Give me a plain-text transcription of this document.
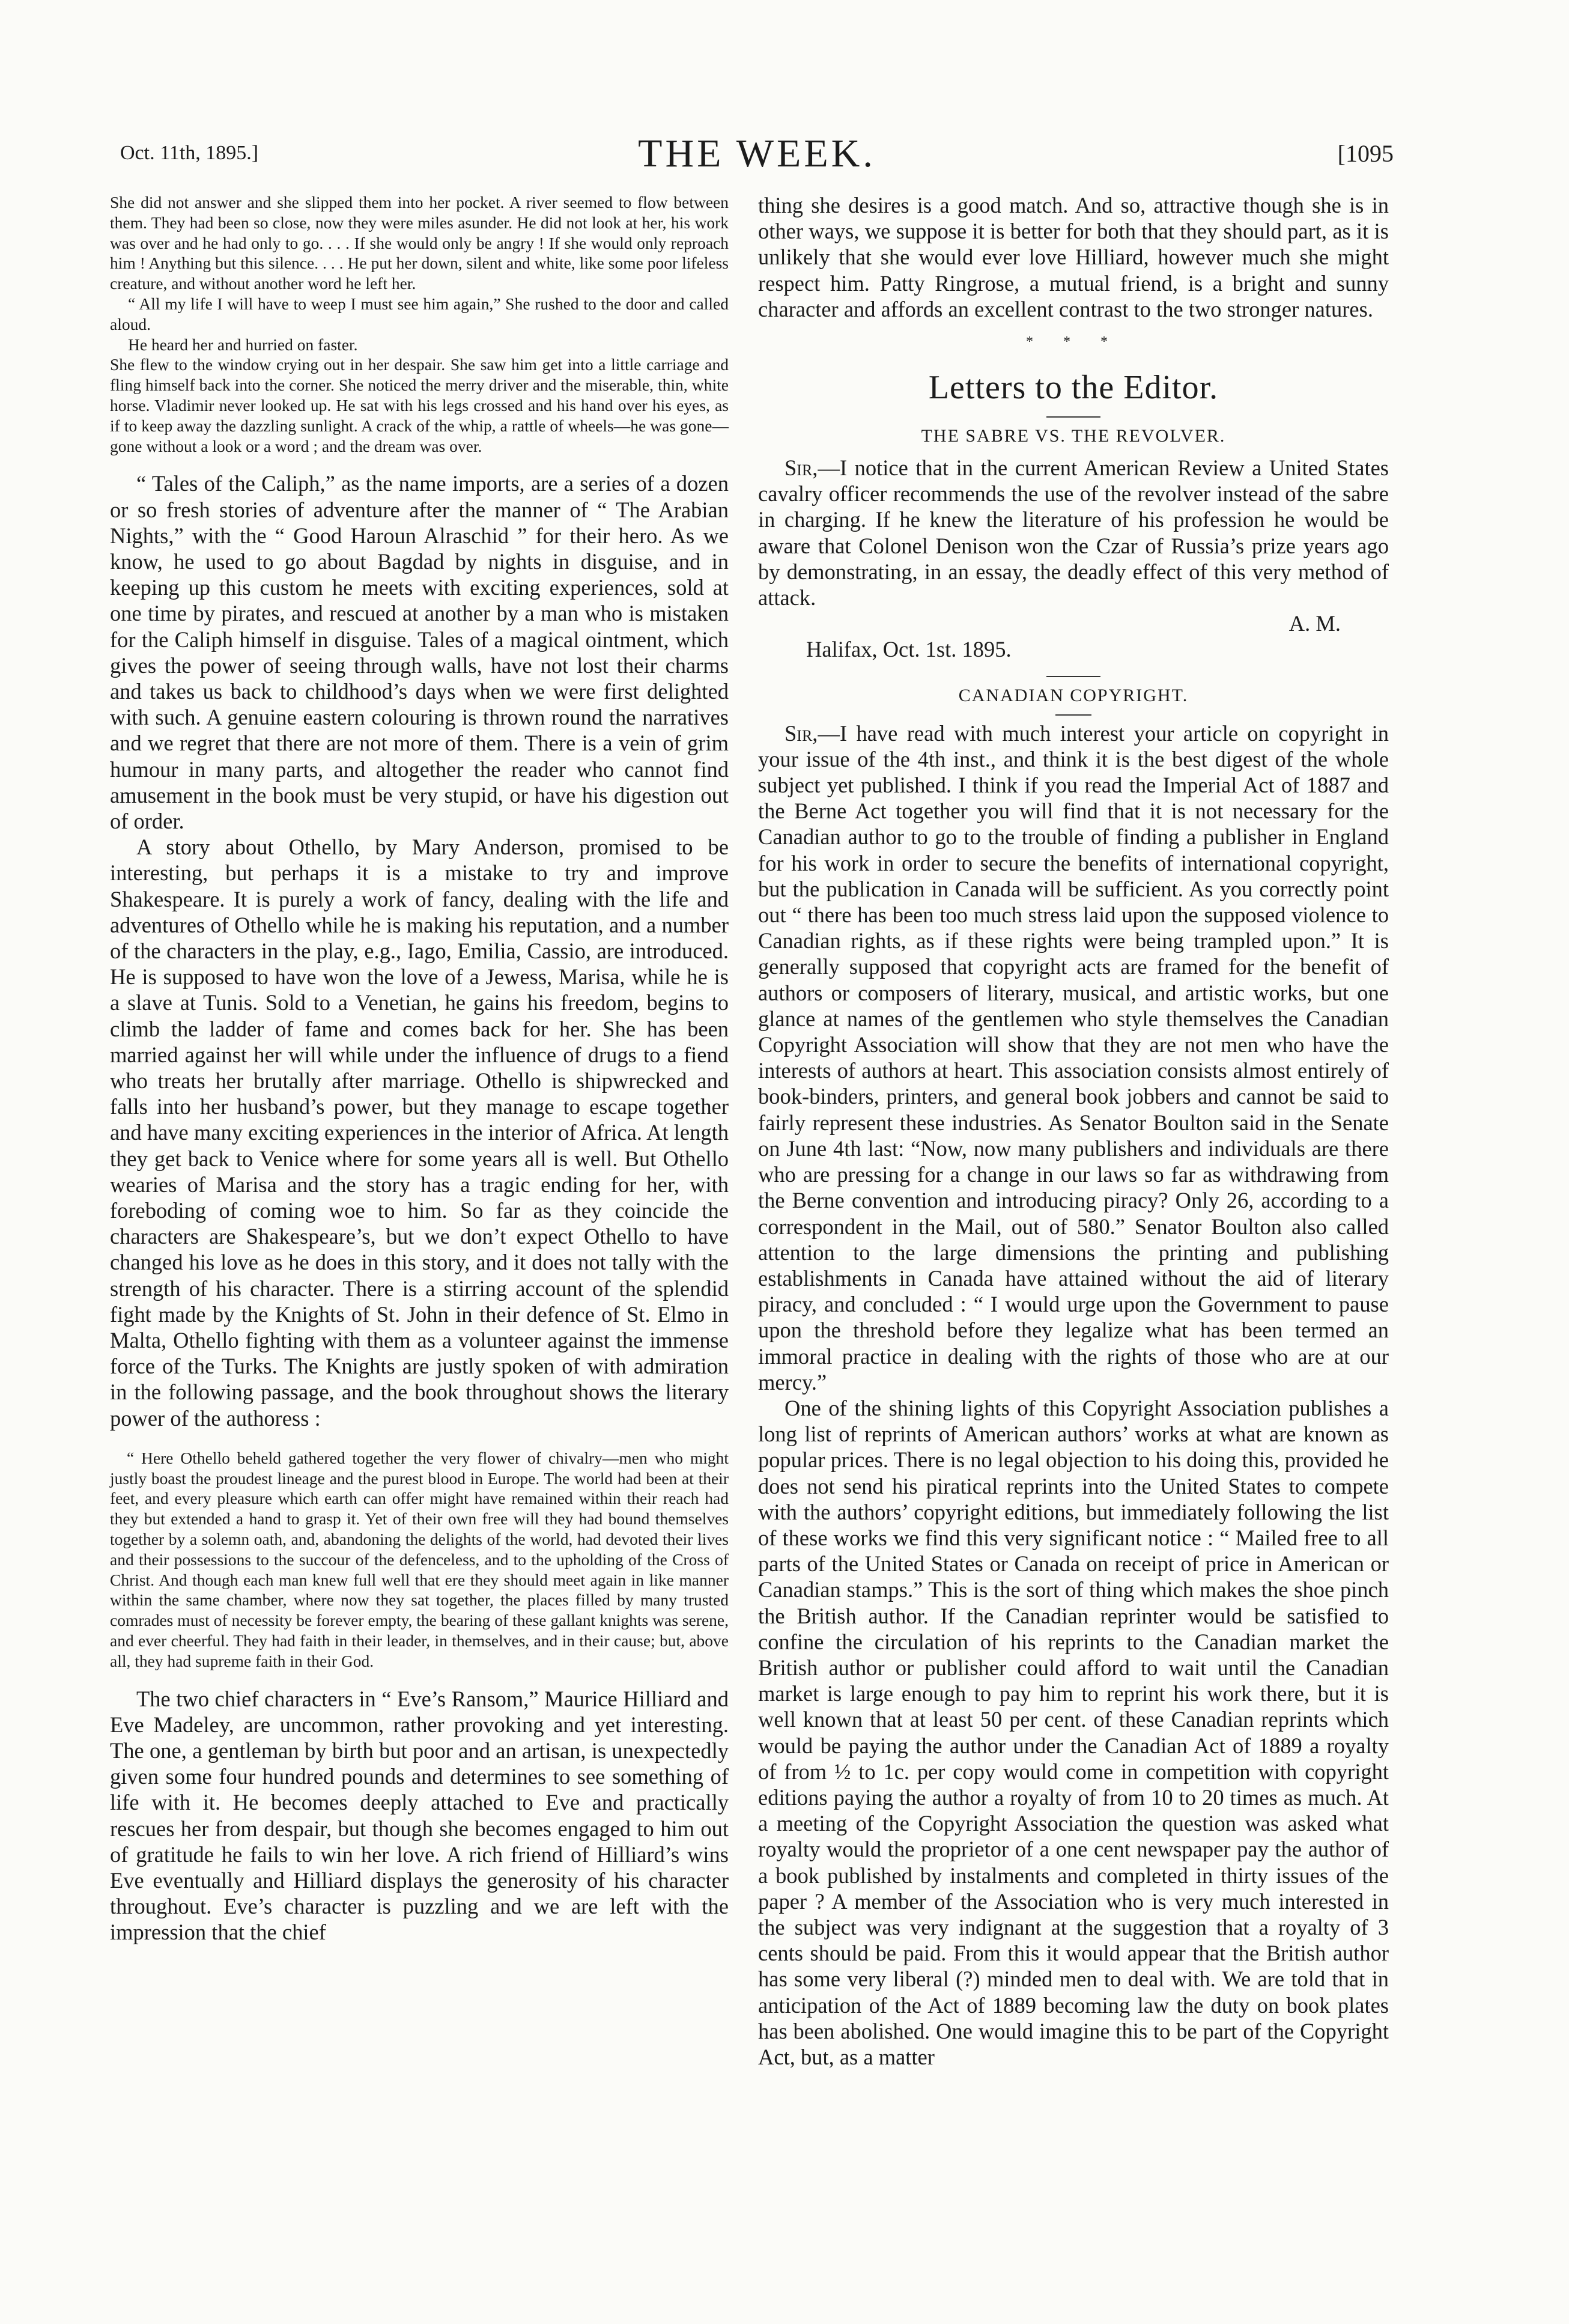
Oct. 11th, 1895.]	THE WEEK.	[1095

She did not answer and she slipped them into her pocket. A river seemed to flow between them. They had been so close, now they were miles asunder. He did not look at her, his work was over and he had only to go. . . . If she would only be angry ! If she would only reproach him ! Anything but this silence. . . . He put her down, silent and white, like some poor lifeless creature, and without another word he left her.

“ All my life I will have to weep I must see him again,” She rushed to the door and called aloud.

He heard her and hurried on faster.

She flew to the window crying out in her despair. She saw him get into a little carriage and fling himself back into the corner. She noticed the merry driver and the miserable, thin, white horse. Vladimir never looked up. He sat with his legs crossed and his hand over his eyes, as if to keep away the dazzling sunlight. A crack of the whip, a rattle of wheels—he was gone—gone without a look or a word ; and the dream was over.

“ Tales of the Caliph,” as the name imports, are a series of a dozen or so fresh stories of adventure after the manner of “ The Arabian Nights,” with the “ Good Haroun Alraschid ” for their hero. As we know, he used to go about Bagdad by nights in disguise, and in keeping up this custom he meets with exciting experiences, sold at one time by pirates, and rescued at another by a man who is mistaken for the Caliph himself in disguise. Tales of a magical ointment, which gives the power of seeing through walls, have not lost their charms and takes us back to childhood’s days when we were first delighted with such. A genuine eastern colouring is thrown round the narratives and we regret that there are not more of them. There is a vein of grim humour in many parts, and altogether the reader who cannot find amusement in the book must be very stupid, or have his digestion out of order.

A story about Othello, by Mary Anderson, promised to be interesting, but perhaps it is a mistake to try and improve Shakespeare. It is purely a work of fancy, dealing with the life and adventures of Othello while he is making his reputation, and a number of the characters in the play, e.g., Iago, Emilia, Cassio, are introduced. He is supposed to have won the love of a Jewess, Marisa, while he is a slave at Tunis. Sold to a Venetian, he gains his freedom, begins to climb the ladder of fame and comes back for her. She has been married against her will while under the influence of drugs to a fiend who treats her brutally after marriage. Othello is shipwrecked and falls into her husband’s power, but they manage to escape together and have many exciting experiences in the interior of Africa. At length they get back to Venice where for some years all is well. But Othello wearies of Marisa and the story has a tragic ending for her, with foreboding of coming woe to him. So far as they coincide the characters are Shakespeare’s, but we don’t expect Othello to have changed his love as he does in this story, and it does not tally with the strength of his character. There is a stirring account of the splendid fight made by the Knights of St. John in their defence of St. Elmo in Malta, Othello fighting with them as a volunteer against the immense force of the Turks. The Knights are justly spoken of with admiration in the following passage, and the book throughout shows the literary power of the authoress :

“ Here Othello beheld gathered together the very flower of chivalry—men who might justly boast the proudest lineage and the purest blood in Europe. The world had been at their feet, and every pleasure which earth can offer might have remained within their reach had they but extended a hand to grasp it. Yet of their own free will they had bound themselves together by a solemn oath, and, abandoning the delights of the world, had devoted their lives and their possessions to the succour of the defenceless, and to the upholding of the Cross of Christ. And though each man knew full well that ere they should meet again in like manner within the same chamber, where now they sat together, the places filled by many trusted comrades must of necessity be forever empty, the bearing of these gallant knights was serene, and ever cheerful. They had faith in their leader, in themselves, and in their cause; but, above all, they had supreme faith in their God.

The two chief characters in “ Eve’s Ransom,” Maurice Hilliard and Eve Madeley, are uncommon, rather provoking and yet interesting. The one, a gentleman by birth but poor and an artisan, is unexpectedly given some four hundred pounds and determines to see something of life with it. He becomes deeply attached to Eve and practically rescues her from despair, but though she becomes engaged to him out of gratitude he fails to win her love. A rich friend of Hilliard’s wins Eve eventually and Hilliard displays the generosity of his character throughout. Eve’s character is puzzling and we are left with the impression that the chief

thing she desires is a good match. And so, attractive though she is in other ways, we suppose it is better for both that they should part, as it is unlikely that she would ever love Hilliard, however much she might respect him. Patty Ringrose, a mutual friend, is a bright and sunny character and affords an excellent contrast to the two stronger natures.

* * *
Letters to the Editor.
THE SABRE VS. THE REVOLVER.

Sir,—I notice that in the current American Review a United States cavalry officer recommends the use of the revolver instead of the sabre in charging. If he knew the literature of his profession he would be aware that Colonel Denison won the Czar of Russia’s prize years ago by demonstrating, in an essay, the deadly effect of this very method of attack.

A. M.

Halifax, Oct. 1st. 1895.

CANADIAN COPYRIGHT.

Sir,—I have read with much interest your article on copyright in your issue of the 4th inst., and think it is the best digest of the whole subject yet published. I think if you read the Imperial Act of 1887 and the Berne Act together you will find that it is not necessary for the Canadian author to go to the trouble of finding a publisher in England for his work in order to secure the benefits of international copyright, but the publication in Canada will be sufficient. As you correctly point out “ there has been too much stress laid upon the supposed violence to Canadian rights, as if these rights were being trampled upon.” It is generally supposed that copyright acts are framed for the benefit of authors or composers of literary, musical, and artistic works, but one glance at names of the gentlemen who style themselves the Canadian Copyright Association will show that they are not men who have the interests of authors at heart. This association consists almost entirely of book-binders, printers, and general book jobbers and cannot be said to fairly represent these industries. As Senator Boulton said in the Senate on June 4th last: “Now, now many publishers and individuals are there who are pressing for a change in our laws so far as withdrawing from the Berne convention and introducing piracy? Only 26, according to a correspondent in the Mail, out of 580.” Senator Boulton also called attention to the large dimensions the printing and publishing establishments in Canada have attained without the aid of literary piracy, and concluded : “ I would urge upon the Government to pause upon the threshold before they legalize what has been termed an immoral practice in dealing with the rights of those who are at our mercy.”

One of the shining lights of this Copyright Association publishes a long list of reprints of American authors’ works at what are known as popular prices. There is no legal objection to his doing this, provided he does not send his piratical reprints into the United States to compete with the authors’ copyright editions, but immediately following the list of these works we find this very significant notice : “ Mailed free to all parts of the United States or Canada on receipt of price in American or Canadian stamps.” This is the sort of thing which makes the shoe pinch the British author. If the Canadian reprinter would be satisfied to confine the circulation of his reprints to the Canadian market the British author or publisher could afford to wait until the Canadian market is large enough to pay him to reprint his work there, but it is well known that at least 50 per cent. of these Canadian reprints which would be paying the author under the Canadian Act of 1889 a royalty of from ½ to 1c. per copy would come in competition with copyright editions paying the author a royalty of from 10 to 20 times as much. At a meeting of the Copyright Association the question was asked what royalty would the proprietor of a one cent newspaper pay the author of a book published by instalments and completed in thirty issues of the paper ? A member of the Association who is very much interested in the subject was very indignant at the suggestion that a royalty of 3 cents should be paid. From this it would appear that the British author has some very liberal (?) minded men to deal with. We are told that in anticipation of the Act of 1889 becoming law the duty on book plates has been abolished. One would imagine this to be part of the Copyright Act, but, as a matter
